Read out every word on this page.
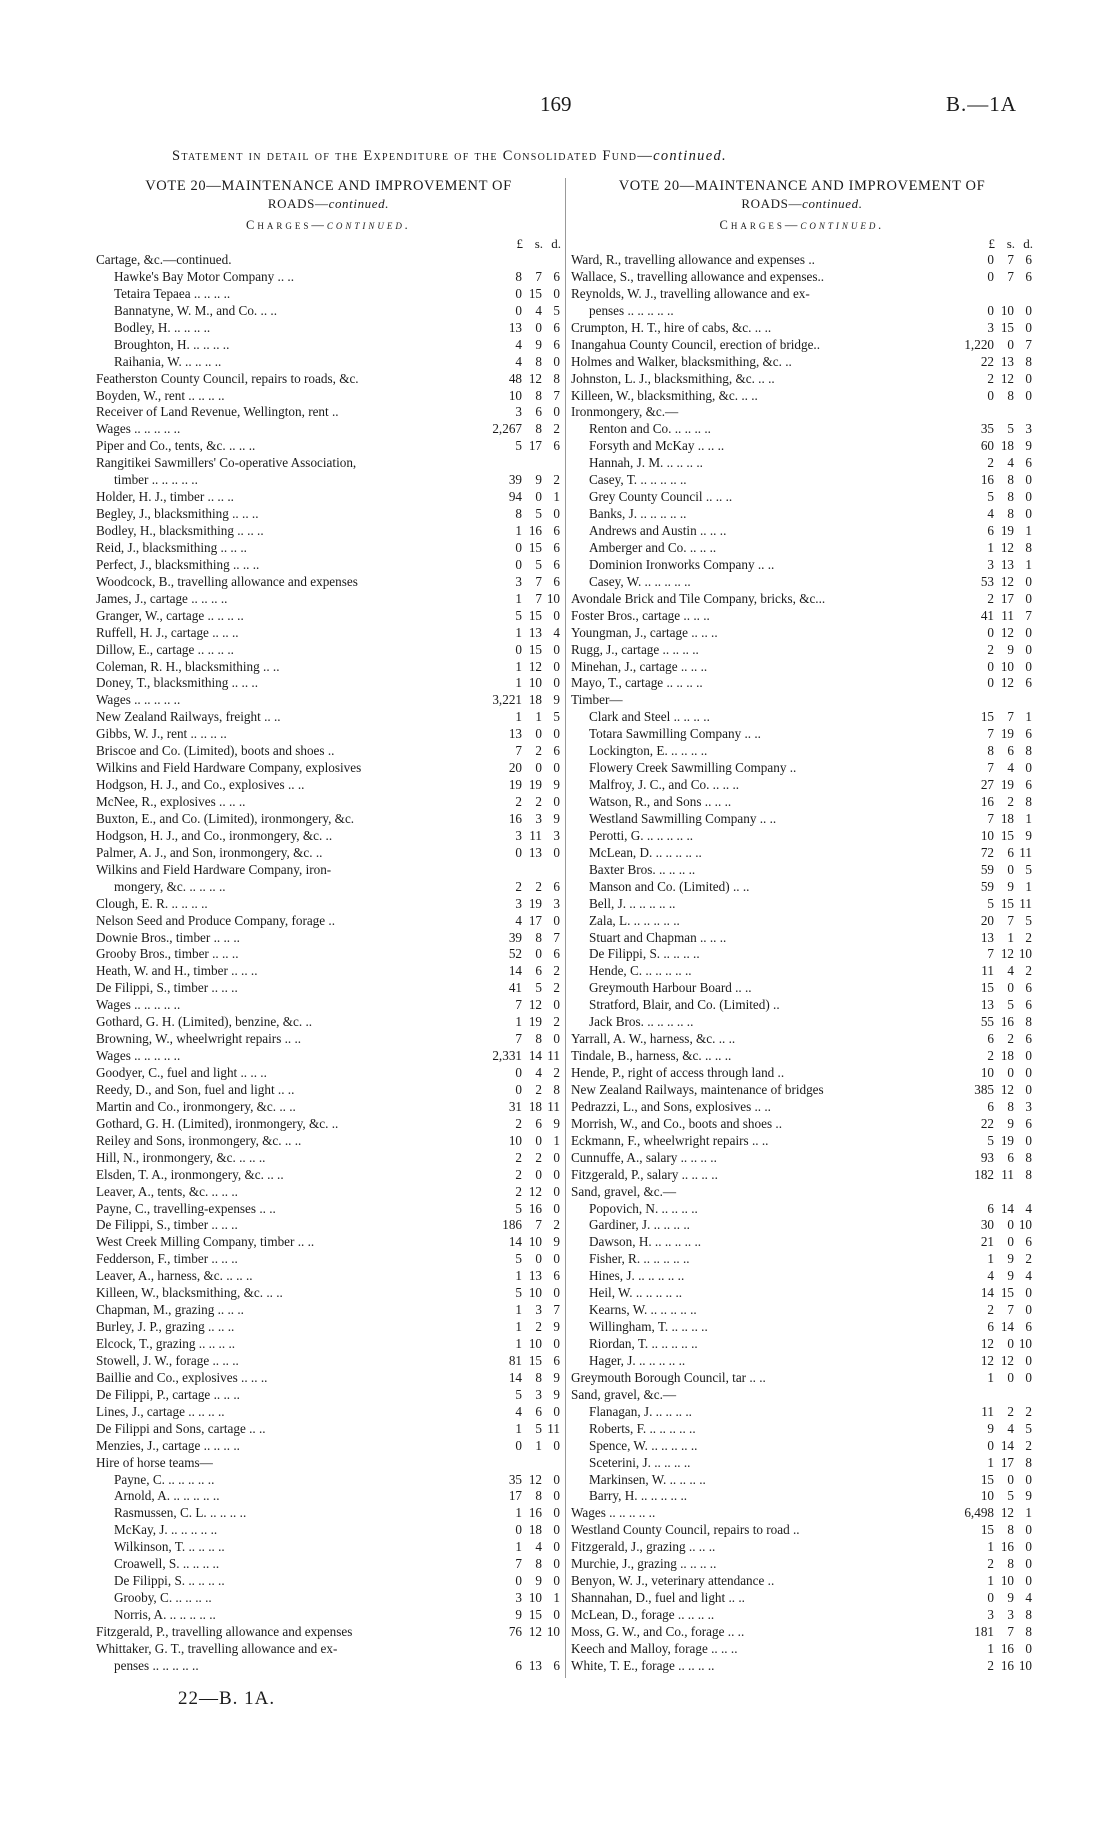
169	B.—1A
Statement in detail of the Expenditure of the Consolidated Fund—continued.
VOTE 20—MAINTENANCE AND IMPROVEMENT OF
ROADS—continued.
Charges—continued.
£ s. d.
Cartage, &c.—continued.
Hawke's Bay Motor Company .. ..	8	7 6
Tetaira Tepaea .. .. .. ..	0 15 0
Bannatyne, W. M., and Co. .. ..	0	4 5
Bodley, H. .. .. .. ..	13	0 6
Broughton, H. .. .. .. ..	4	9 6
Raihania, W. .. .. .. ..	4	8 0
Featherston County Council, repairs to roads, &c.	48 12 8
Boyden, W., rent .. .. .. ..	10	8 7
Receiver of Land Revenue, Wellington, rent ..	3	6 0
Wages .. .. .. .. ..	2,267	8 2
Piper and Co., tents, &c. .. .. ..	5 17 6
Rangitikei Sawmillers' Co-operative Association,
timber .. .. .. .. ..	39	9 2
Holder, H. J., timber .. .. ..	94	0 1
Begley, J., blacksmithing .. .. ..	8	5 0
Bodley, H., blacksmithing .. .. ..	1 16 6
Reid, J., blacksmithing .. .. ..	0 15 6
Perfect, J., blacksmithing .. .. ..	0	5 6
Woodcock, B., travelling allowance and expenses	3	7 6
James, J., cartage .. .. .. ..	1	7 10
Granger, W., cartage .. .. .. ..	5 15 0
Ruffell, H. J., cartage .. .. ..	1 13 4
Dillow, E., cartage .. .. .. ..	0 15 0
Coleman, R. H., blacksmithing .. ..	1 12 0
Doney, T., blacksmithing .. .. ..	1 10 0
Wages .. .. .. .. ..	3,221 18 9
New Zealand Railways, freight .. ..	1	1 5
Gibbs, W. J., rent .. .. .. ..	13	0 0
Briscoe and Co. (Limited), boots and shoes ..	7	2 6
Wilkins and Field Hardware Company, explosives	20	0 0
Hodgson, H. J., and Co., explosives .. ..	19 19 9
McNee, R., explosives .. .. ..	2	2 0
Buxton, E., and Co. (Limited), ironmongery, &c.	16	3 9
Hodgson, H. J., and Co., ironmongery, &c. ..	3 11 3
Palmer, A. J., and Son, ironmongery, &c. ..	0 13 0
Wilkins and Field Hardware Company, iron-
mongery, &c. .. .. .. ..	2	2 6
Clough, E. R. .. .. .. ..	3 19 3
Nelson Seed and Produce Company, forage ..	4 17 0
Downie Bros., timber .. .. ..	39	8 7
Grooby Bros., timber .. .. ..	52	0 6
Heath, W. and H., timber .. .. ..	14	6 2
De Filippi, S., timber .. .. ..	41	5 2
Wages .. .. .. .. ..	7 12 0
Gothard, G. H. (Limited), benzine, &c. ..	1 19 2
Browning, W., wheelwright repairs .. ..	7	8 0
Wages .. .. .. .. ..	2,331 14 11
Goodyer, C., fuel and light .. .. ..	0	4 2
Reedy, D., and Son, fuel and light .. ..	0	2 8
Martin and Co., ironmongery, &c. .. ..	31 18 11
Gothard, G. H. (Limited), ironmongery, &c. ..	2	6 9
Reiley and Sons, ironmongery, &c. .. ..	10	0 1
Hill, N., ironmongery, &c. .. .. ..	2	2 0
Elsden, T. A., ironmongery, &c. .. ..	2	0 0
Leaver, A., tents, &c. .. .. ..	2 12 0
Payne, C., travelling-expenses .. ..	5 16 0
De Filippi, S., timber .. .. ..	186	7 2
West Creek Milling Company, timber .. ..	14 10 9
Fedderson, F., timber .. .. ..	5	0 0
Leaver, A., harness, &c. .. .. ..	1 13 6
Killeen, W., blacksmithing, &c. .. ..	5 10 0
Chapman, M., grazing .. .. ..	1	3 7
Burley, J. P., grazing .. .. ..	1	2 9
Elcock, T., grazing .. .. .. ..	1 10 0
Stowell, J. W., forage .. .. ..	81 15 6
Baillie and Co., explosives .. .. ..	14	8 9
De Filippi, P., cartage .. .. ..	5	3 9
Lines, J., cartage .. .. .. ..	4	6 0
De Filippi and Sons, cartage .. ..	1	5 11
Menzies, J., cartage .. .. .. ..	0	1 0
Hire of horse teams—
Payne, C. .. .. .. .. ..	35 12 0
Arnold, A. .. .. .. .. ..	17	8 0
Rasmussen, C. L. .. .. .. ..	1 16 0
McKay, J. .. .. .. .. ..	0 18 0
Wilkinson, T. .. .. .. ..	1	4 0
Croawell, S. .. .. .. ..	7	8 0
De Filippi, S. .. .. .. ..	0	9 0
Grooby, C. .. .. .. ..	3 10 1
Norris, A. .. .. .. .. ..	9 15 0
Fitzgerald, P., travelling allowance and expenses	76 12 10
Whittaker, G. T., travelling allowance and ex-
penses .. .. .. .. ..	6 13 6
VOTE 20—MAINTENANCE AND IMPROVEMENT OF
ROADS—continued.
Charges—continued.
£ s. d.
Ward, R., travelling allowance and expenses ..	0	7 6
Wallace, S., travelling allowance and expenses..	0	7 6
Reynolds, W. J., travelling allowance and ex-
penses .. .. .. .. ..	0 10 0
Crumpton, H. T., hire of cabs, &c. .. ..	3 15 0
Inangahua County Council, erection of bridge..	1,220	0 7
Holmes and Walker, blacksmithing, &c. ..	22 13 8
Johnston, L. J., blacksmithing, &c. .. ..	2 12 0
Killeen, W., blacksmithing, &c. .. ..	0	8 0
Ironmongery, &c.—
Renton and Co. .. .. .. ..	35	5 3
Forsyth and McKay .. .. ..	60 18 9
Hannah, J. M. .. .. .. ..	2	4 6
Casey, T. .. .. .. .. ..	16	8 0
Grey County Council .. .. ..	5	8 0
Banks, J. .. .. .. .. ..	4	8 0
Andrews and Austin .. .. ..	6 19 1
Amberger and Co. .. .. ..	1 12 8
Dominion Ironworks Company .. ..	3 13 1
Casey, W. .. .. .. .. ..	53 12 0
Avondale Brick and Tile Company, bricks, &c...	2 17 0
Foster Bros., cartage .. .. ..	41 11 7
Youngman, J., cartage .. .. ..	0 12 0
Rugg, J., cartage .. .. .. ..	2	9 0
Minehan, J., cartage .. .. ..	0 10 0
Mayo, T., cartage .. .. .. ..	0 12 6
Timber—
Clark and Steel .. .. .. ..	15	7 1
Totara Sawmilling Company .. ..	7 19 6
Lockington, E. .. .. .. ..	8	6 8
Flowery Creek Sawmilling Company ..	7	4 0
Malfroy, J. C., and Co. .. .. ..	27 19 6
Watson, R., and Sons .. .. ..	16	2 8
Westland Sawmilling Company .. ..	7 18 1
Perotti, G. .. .. .. .. ..	10 15 9
McLean, D. .. .. .. .. ..	72	6 11
Baxter Bros. .. .. .. ..	59	0 5
Manson and Co. (Limited) .. ..	59	9 1
Bell, J. .. .. .. .. ..	5 15 11
Zala, L. .. .. .. .. ..	20	7 5
Stuart and Chapman .. .. ..	13	1 2
De Filippi, S. .. .. .. ..	7 12 10
Hende, C. .. .. .. .. ..	11	4 2
Greymouth Harbour Board .. ..	15	0 6
Stratford, Blair, and Co. (Limited) ..	13	5 6
Jack Bros. .. .. .. .. ..	55 16 8
Yarrall, A. W., harness, &c. .. ..	6	2 6
Tindale, B., harness, &c. .. .. ..	2 18 0
Hende, P., right of access through land ..	10	0 0
New Zealand Railways, maintenance of bridges	385 12 0
Pedrazzi, L., and Sons, explosives .. ..	6	8 3
Morrish, W., and Co., boots and shoes ..	22	9 6
Eckmann, F., wheelwright repairs .. ..	5 19 0
Cunnuffe, A., salary .. .. .. ..	93	6 8
Fitzgerald, P., salary .. .. .. ..	182 11 8
Sand, gravel, &c.—
Popovich, N. .. .. .. ..	6 14 4
Gardiner, J. .. .. .. ..	30	0 10
Dawson, H. .. .. .. .. ..	21	0 6
Fisher, R. .. .. .. .. ..	1	9 2
Hines, J. .. .. .. .. ..	4	9 4
Heil, W. .. .. .. .. ..	14 15 0
Kearns, W. .. .. .. .. ..	2	7 0
Willingham, T. .. .. .. ..	6 14 6
Riordan, T. .. .. .. .. ..	12	0 10
Hager, J. .. .. .. .. ..	12 12 0
Greymouth Borough Council, tar .. ..	1	0 0
Sand, gravel, &c.—
Flanagan, J. .. .. .. ..	11	2 2
Roberts, F. .. .. .. .. ..	9	4 5
Spence, W. .. .. .. .. ..	0 14 2
Sceterini, J. .. .. .. ..	1 17 8
Markinsen, W. .. .. .. ..	15	0 0
Barry, H. .. .. .. .. ..	10	5 9
Wages .. .. .. .. ..	6,498 12 1
Westland County Council, repairs to road ..	15	8 0
Fitzgerald, J., grazing .. .. ..	1 16 0
Murchie, J., grazing .. .. .. ..	2	8 0
Benyon, W. J., veterinary attendance ..	1 10 0
Shannahan, D., fuel and light .. ..	0	9 4
McLean, D., forage .. .. .. ..	3	3 8
Moss, G. W., and Co., forage .. ..	181	7 8
Keech and Malloy, forage .. .. ..	1 16 0
White, T. E., forage .. .. .. ..	2 16 10
22—B. 1A.
